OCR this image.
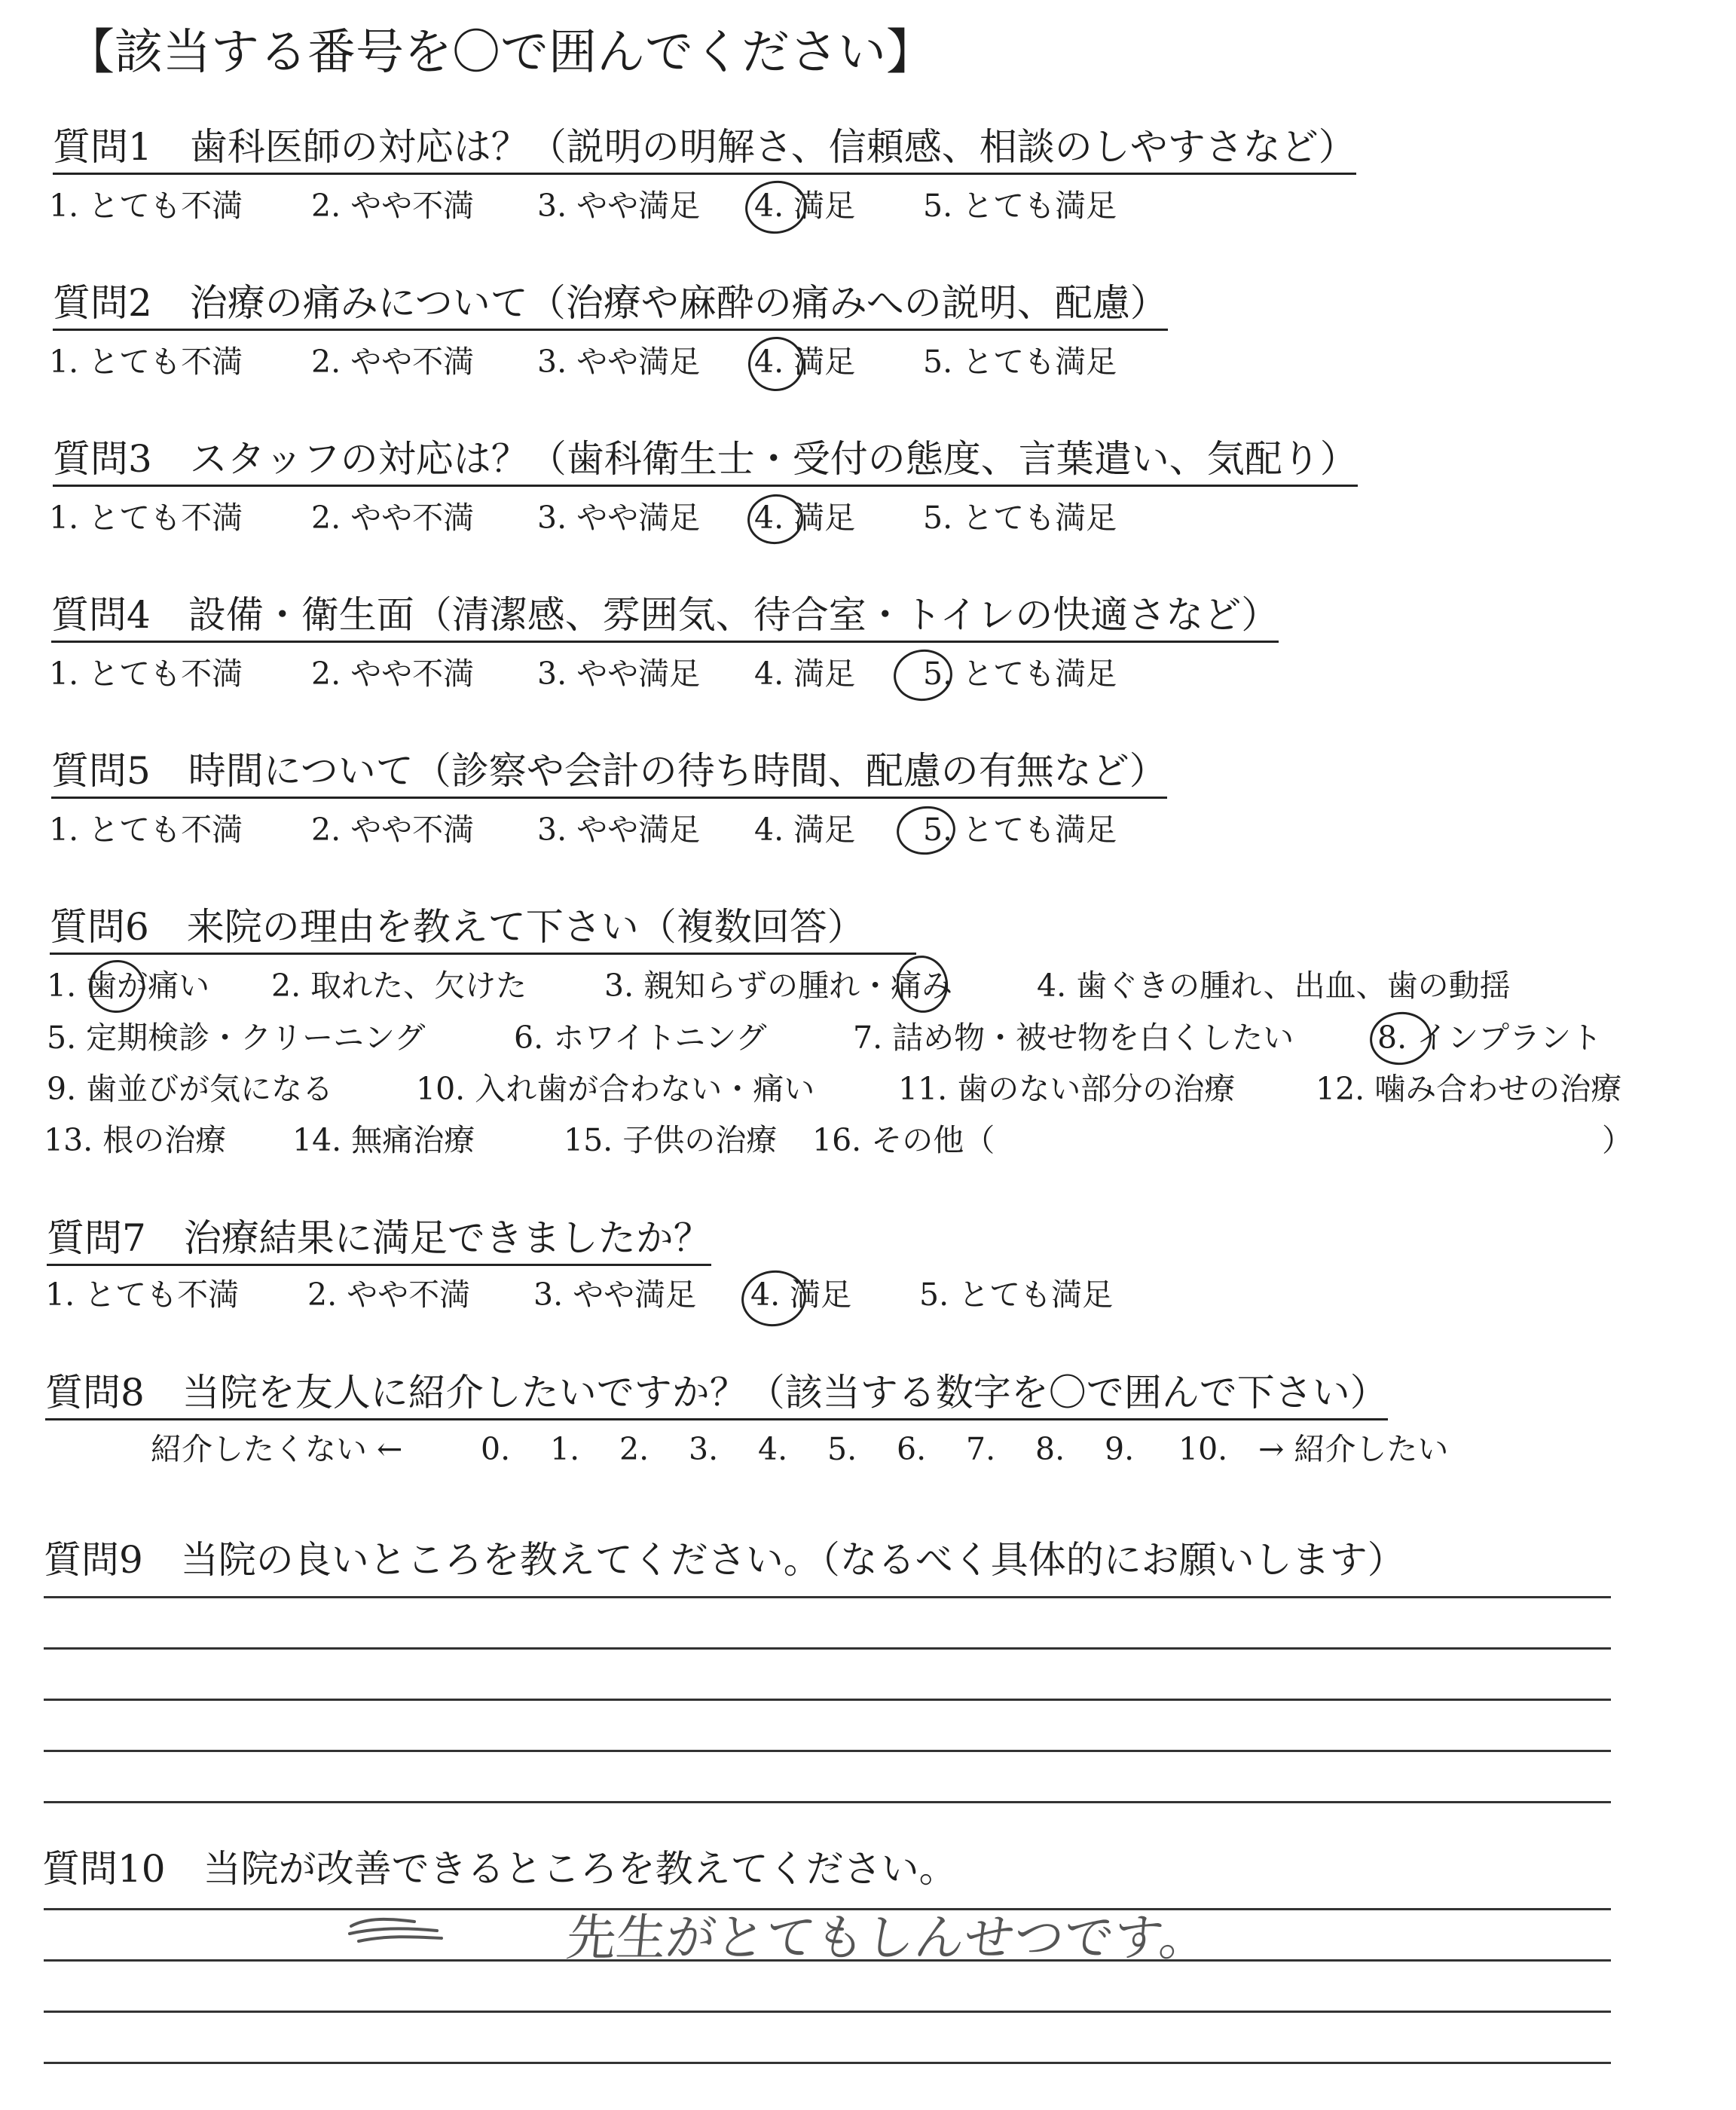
【該当する番号を〇で囲んでください】
質問1　歯科医師の対応は？（説明の明解さ、信頼感、相談のしやすさなど）
1. とても不満 2. やや不満 3. やや満足 4. 満足 5. とても満足
質問2　治療の痛みについて（治療や麻酔の痛みへの説明、配慮）
1. とても不満 2. やや不満 3. やや満足 4. 満足 5. とても満足
質問3　スタッフの対応は？（歯科衛生士・受付の態度、言葉遣い、気配り）
1. とても不満 2. やや不満 3. やや満足 4. 満足 5. とても満足
質問4　設備・衛生面（清潔感、雰囲気、待合室・トイレの快適さなど）
1. とても不満 2. やや不満 3. やや満足 4. 満足 5. とても満足
質問5　時間について（診察や会計の待ち時間、配慮の有無など）
1. とても不満 2. やや不満 3. やや満足 4. 満足 5. とても満足
質問6　来院の理由を教えて下さい（複数回答）
1. 歯が痛い 2. 取れた、欠けた	3. 親知らずの腫れ・痛み	4. 歯ぐきの腫れ、出血、歯の動揺
5. 定期検診・クリーニング	6. ホワイトニング	7. 詰め物・被せ物を白くしたい	8. インプラント
9. 歯並びが気になる	10. 入れ歯が合わない・痛い	11. 歯のない部分の治療	12. 噛み合わせの治療
13. 根の治療 14. 無痛治療	15. 子供の治療 16. その他（	）
質問7　治療結果に満足できましたか？
1. とても不満 2. やや不満 3. やや満足 4. 満足 5. とても満足
質問8　当院を友人に紹介したいですか？（該当する数字を〇で囲んで下さい）
紹介したくない ←	0. 1. 2. 3. 4. 5. 6. 7. 8. 9. 10. → 紹介したい
質問9　当院の良いところを教えてください。（なるべく具体的にお願いします）
質問10　当院が改善できるところを教えてください。
先生がとてもしんせつです。
